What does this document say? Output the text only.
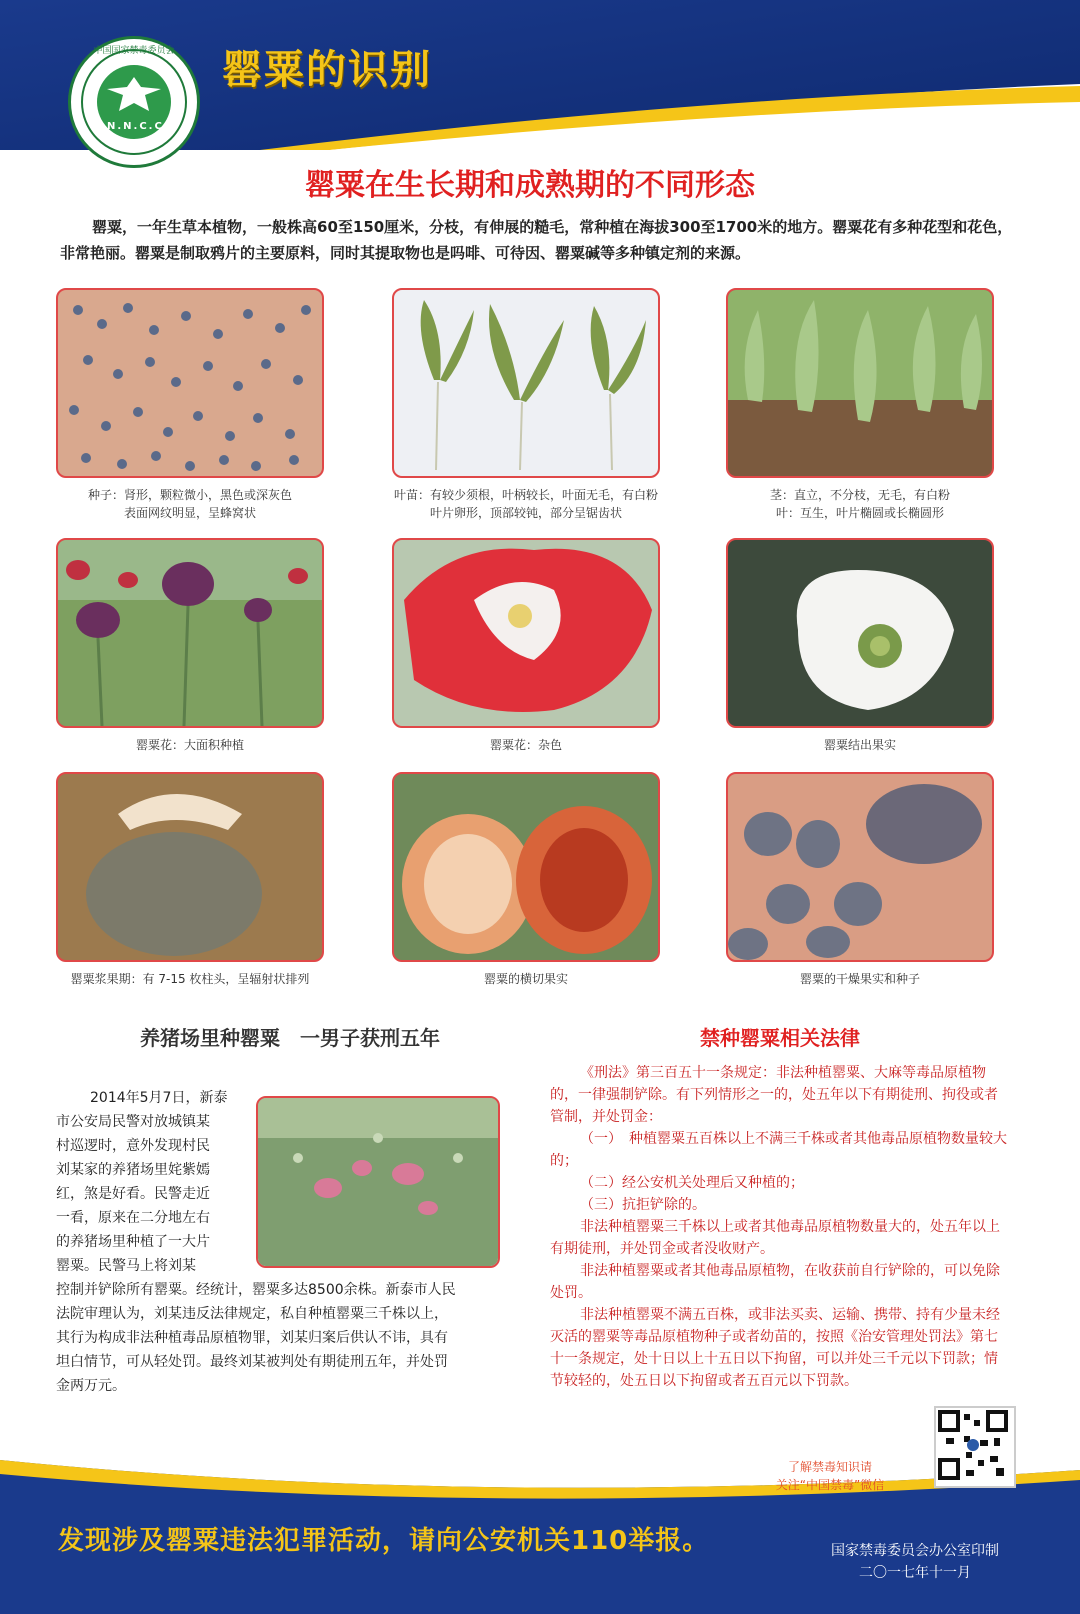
中国国家禁毒委员会
N.N.C.C.
罂粟的识别
罂粟在生长期和成熟期的不同形态
罂粟，一年生草本植物，一般株高60至150厘米，分枝，有伸展的糙毛，常种植在海拔300至1700米的地方。罂粟花有多种花型和花色，非常艳丽。罂粟是制取鸦片的主要原料，同时其提取物也是吗啡、可待因、罂粟碱等多种镇定剂的来源。
种子：肾形，颗粒微小，黑色或深灰色
表面网纹明显，呈蜂窝状
叶苗：有较少须根，叶柄较长，叶面无毛，有白粉
叶片卵形，顶部较钝，部分呈锯齿状
茎：直立，不分枝，无毛，有白粉
叶：互生，叶片椭圆或长椭圆形
罂粟花：大面积种植	罂粟花：杂色	罂粟结出果实
罂粟浆果期：有 7-15 枚柱头，呈辐射状排列	罂粟的横切果实	罂粟的干燥果实和种子
养猪场里种罂粟　一男子获刑五年
2014年5月7日，新泰
市公安局民警对放城镇某
村巡逻时，意外发现村民
刘某家的养猪场里姹紫嫣
红，煞是好看。民警走近
一看，原来在二分地左右
的养猪场里种植了一大片
罂粟。民警马上将刘某
控制并铲除所有罂粟。经统计，罂粟多达8500余株。新泰市人民
法院审理认为，刘某违反法律规定，私自种植罂粟三千株以上，
其行为构成非法种植毒品原植物罪，刘某归案后供认不讳，具有
坦白情节，可从轻处罚。最终刘某被判处有期徒刑五年，并处罚
金两万元。
禁种罂粟相关法律

《刑法》第三百五十一条规定：非法种植罂粟、大麻等毒品原植物的，一律强制铲除。有下列情形之一的，处五年以下有期徒刑、拘役或者管制，并处罚金：

（一）　种植罂粟五百株以上不满三千株或者其他毒品原植物数量较大的；

（二）经公安机关处理后又种植的；

（三）抗拒铲除的。

非法种植罂粟三千株以上或者其他毒品原植物数量大的，处五年以上有期徒刑，并处罚金或者没收财产。

非法种植罂粟或者其他毒品原植物，在收获前自行铲除的，可以免除处罚。

非法种植罂粟不满五百株，或非法买卖、运输、携带、持有少量未经灭活的罂粟等毒品原植物种子或者幼苗的，按照《治安管理处罚法》第七十一条规定，处十日以上十五日以下拘留，可以并处三千元以下罚款；情节较轻的，处五日以下拘留或者五百元以下罚款。

了解禁毒知识请
关注“中国禁毒”微信
发现涉及罂粟违法犯罪活动，请向公安机关110举报。	国家禁毒委员会办公室印制
二〇一七年十一月
